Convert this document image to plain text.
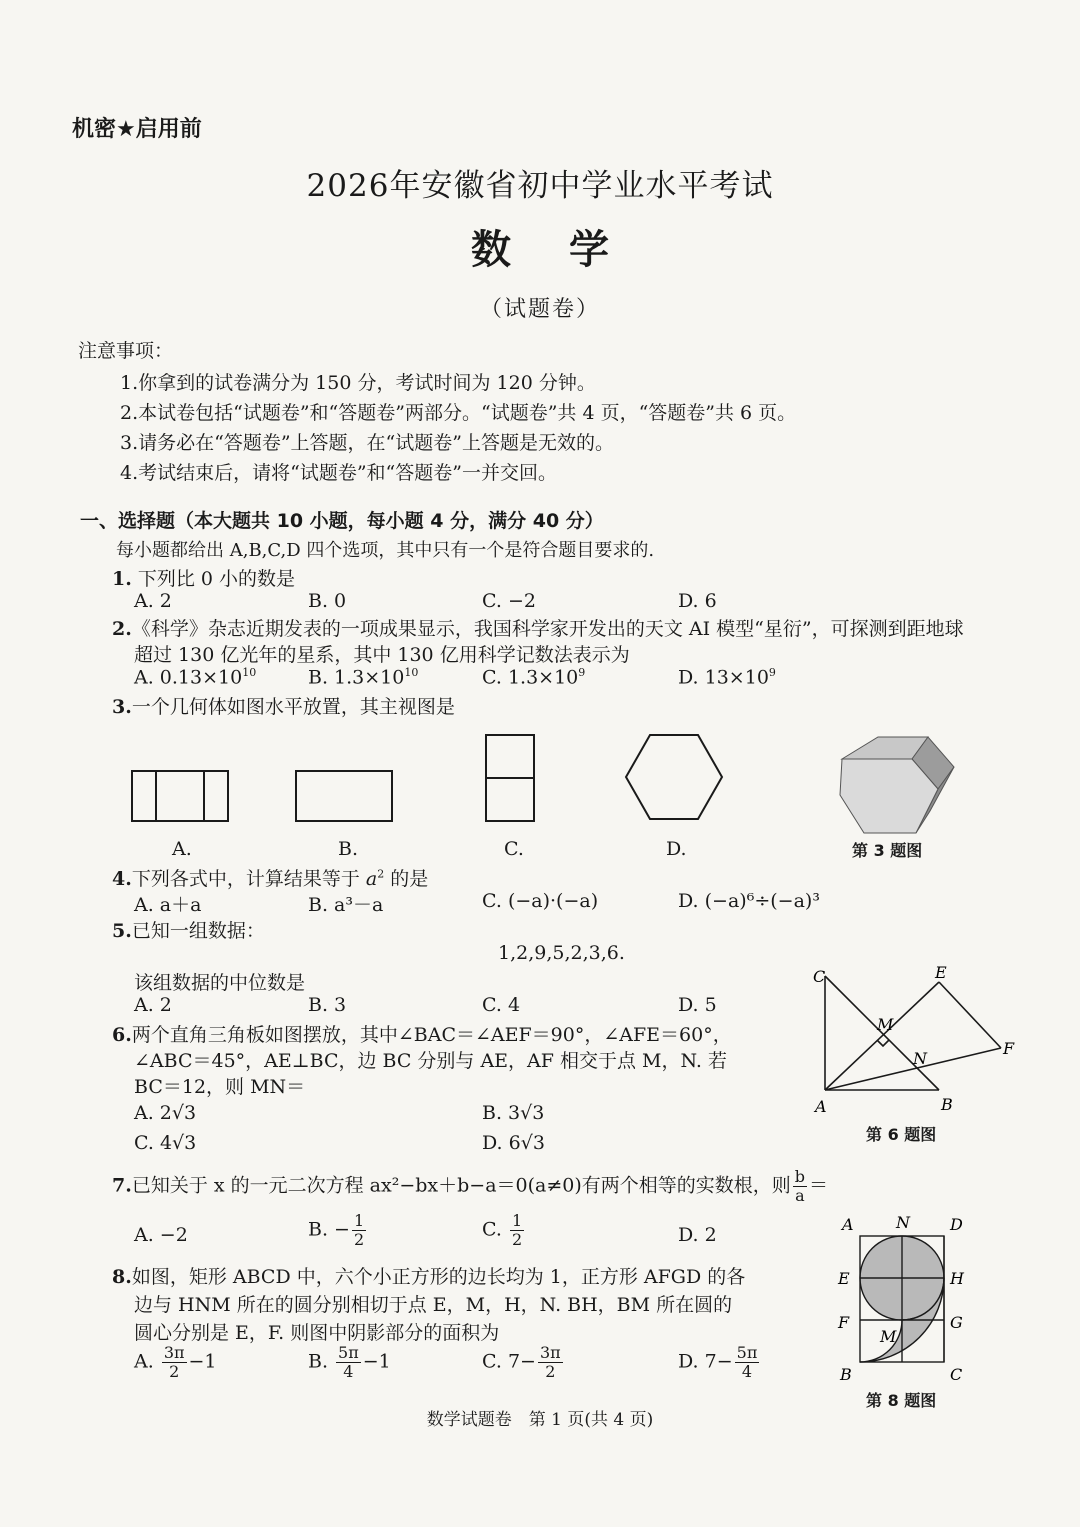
机密★启用前
2026年安徽省初中学业水平考试
数学
（试题卷）
注意事项：
1.你拿到的试卷满分为 150 分，考试时间为 120 分钟。
2.本试卷包括“试题卷”和“答题卷”两部分。“试题卷”共 4 页，“答题卷”共 6 页。
3.请务必在“答题卷”上答题，在“试题卷”上答题是无效的。
4.考试结束后，请将“试题卷”和“答题卷”一并交回。
一、选择题（本大题共 10 小题，每小题 4 分，满分 40 分）
每小题都给出 A,B,C,D 四个选项，其中只有一个是符合题目要求的.
1. 下列比 0 小的数是
A. 2	B. 0	C. −2	D. 6
2.《科学》杂志近期发表的一项成果显示，我国科学家开发出的天文 AI 模型“星衍”，可探测到距地球
超过 130 亿光年的星系，其中 130 亿用科学记数法表示为
A. $0.13\times 10^{10}$	B. $1.3\times 10^{10}$	C. $1.3\times 10^9$	D. $13\times 10^9$
3.一个几何体如图水平放置，其主视图是
A.	B.	C.	D.	第 3 题图
4.下列各式中，计算结果等于 $a^2$ 的是
A. a＋a	B. a³－a	C. (−a)·(−a)	D. (−a)⁶÷(−a)³
5.已知一组数据：
1,2,9,5,2,3,6.
该组数据的中位数是
A. 2	B. 3	C. 4	D. 5
6.两个直角三角板如图摆放，其中∠BAC＝∠AEF＝90°，∠AFE＝60°，
∠ABC＝45°，AE⊥BC，边 BC 分别与 AE，AF 相交于点 M，N. 若
BC＝12，则 MN＝
A. 2√3	B. 3√3
C. 4√3	D. 6√3
C	E
M
N
F
A	B
第 6 题图
7.已知关于 x 的一元二次方程 ax²−bx＋b−a＝0(a≠0)有两个相等的实数根，则 $\frac{b}{a}$ ＝
A. −2	B. − $\frac{1}{2}$	C. $\frac{1}{2}$	D. 2
8.如图，矩形 ABCD 中，六个小正方形的边长均为 1，正方形 AFGD 的各
边与 HNM 所在的圆分别相切于点 E，M，H，N. BH，BM 所在圆的
圆心分别是 E，F. 则图中阴影部分的面积为
A. $\frac{3\pi}{2} -1$	B. $\frac{5\pi}{4} -1$	C. $7- \frac{3\pi}{2}$	D. $7- \frac{5\pi}{4}$
A	N	D
E	H
F	G
M
B	C
第 8 题图
数学试题卷　第 1 页(共 4 页)
